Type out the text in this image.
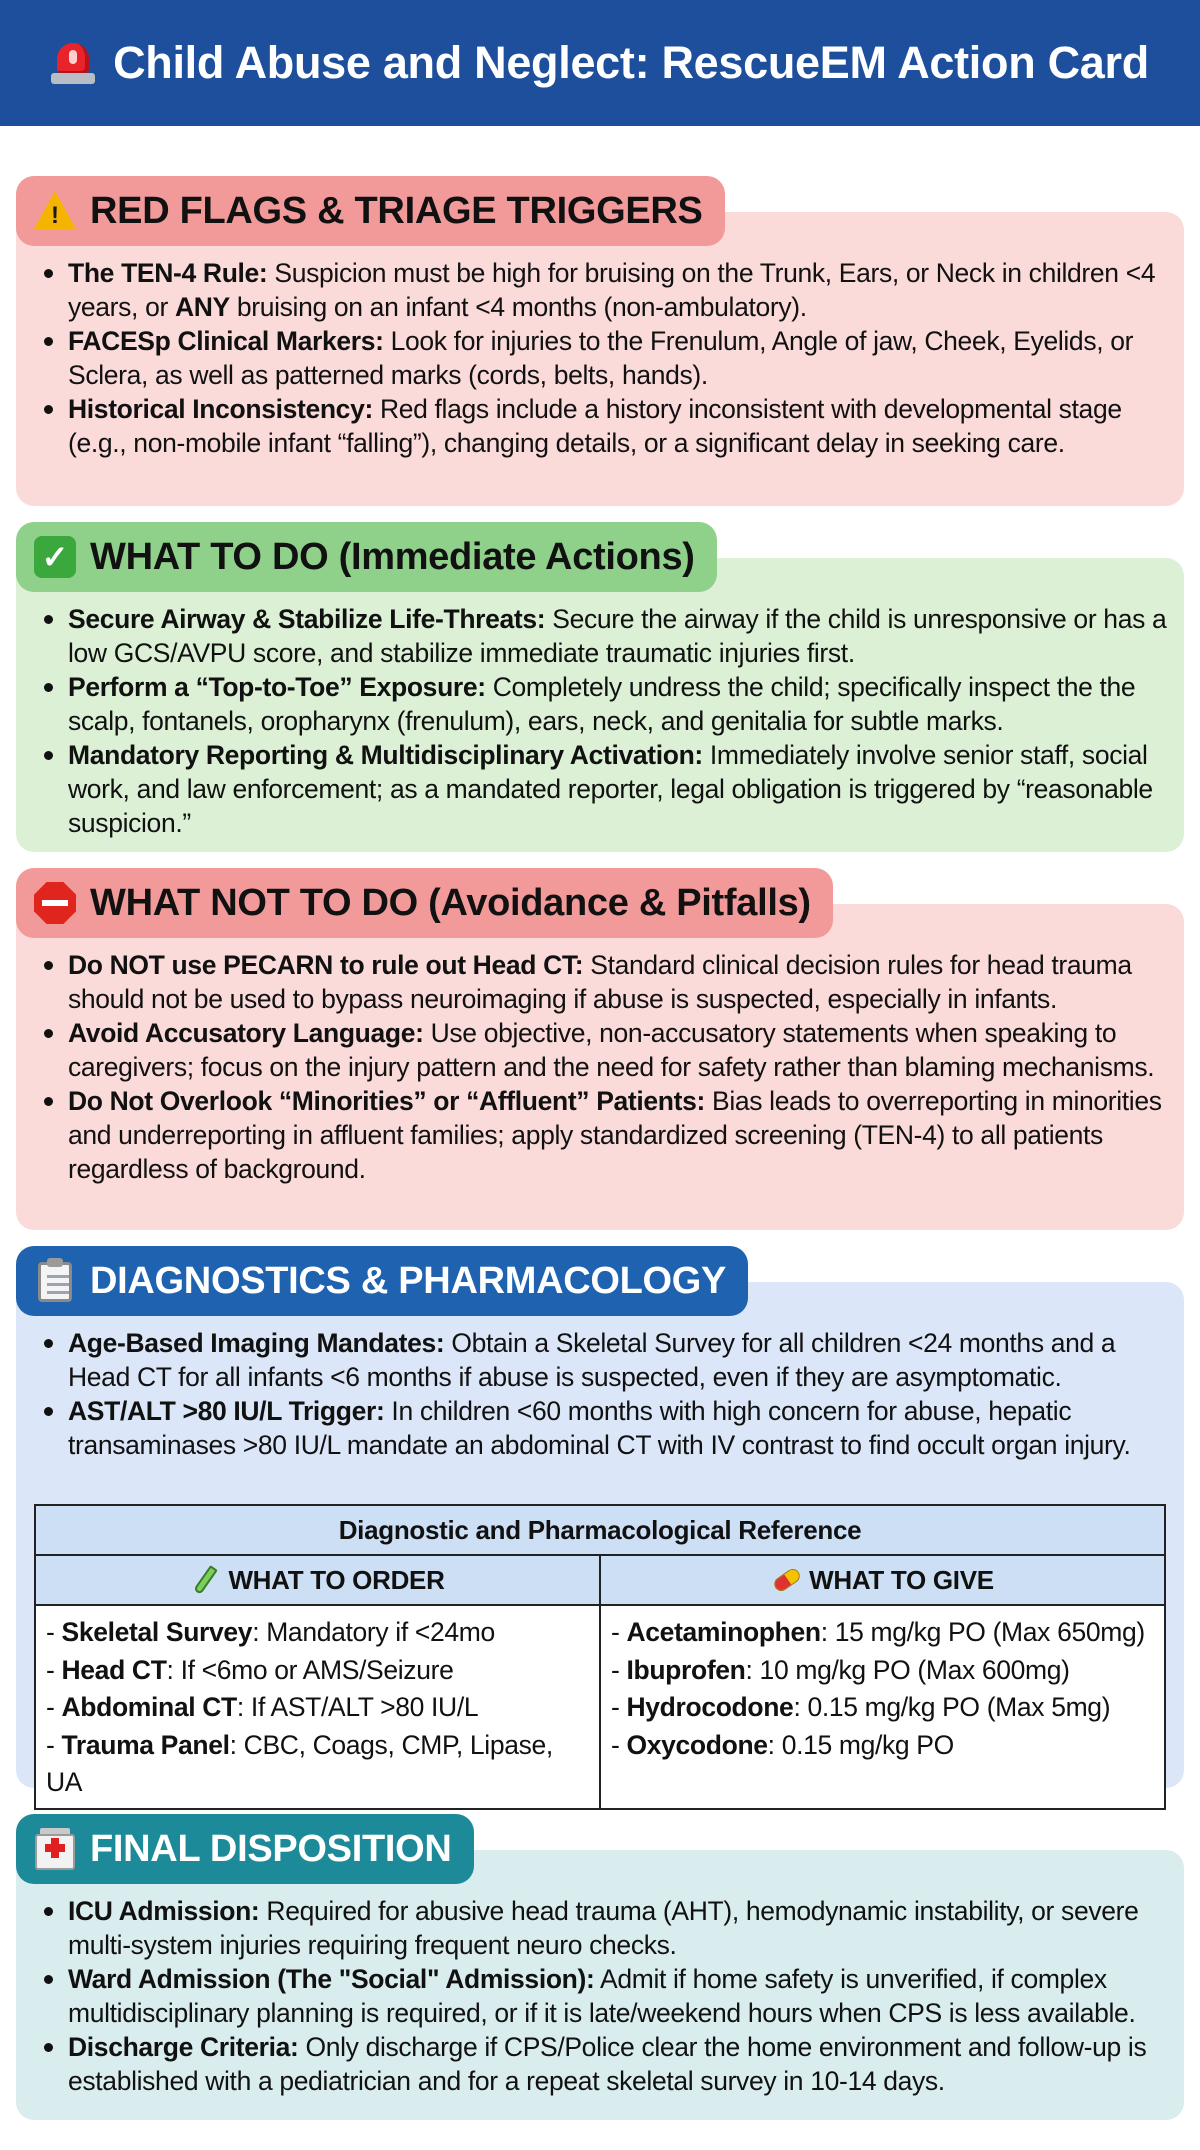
Child Abuse and Neglect: RescueEM Action Card
! RED FLAGS & TRIAGE TRIGGERS
The TEN-4 Rule: Suspicion must be high for bruising on the Trunk, Ears, or Neck in children <4 years, or ANY bruising on an infant <4 months (non-ambulatory).
FACESp Clinical Markers: Look for injuries to the Frenulum, Angle of jaw, Cheek, Eyelids, or Sclera, as well as patterned marks (cords, belts, hands).
Historical Inconsistency: Red flags include a history inconsistent with developmental stage (e.g., non-mobile infant “falling”), changing details, or a significant delay in seeking care.
✓ WHAT TO DO (Immediate Actions)
Secure Airway & Stabilize Life-Threats: Secure the airway if the child is unresponsive or has a low GCS/AVPU score, and stabilize immediate traumatic injuries first.
Perform a “Top-to-Toe” Exposure: Completely undress the child; specifically inspect the the scalp, fontanels, oropharynx (frenulum), ears, neck, and genitalia for subtle marks.
Mandatory Reporting & Multidisciplinary Activation: Immediately involve senior staff, social work, and law enforcement; as a mandated reporter, legal obligation is triggered by “reasonable suspicion.”
WHAT NOT TO DO (Avoidance & Pitfalls)
Do NOT use PECARN to rule out Head CT: Standard clinical decision rules for head trauma should not be used to bypass neuroimaging if abuse is suspected, especially in infants.
Avoid Accusatory Language: Use objective, non-accusatory statements when speaking to caregivers; focus on the injury pattern and the need for safety rather than blaming mechanisms.
Do Not Overlook “Minorities” or “Affluent” Patients: Bias leads to overreporting in minorities and underreporting in affluent families; apply standardized screening (TEN-4) to all patients regardless of background.
DIAGNOSTICS & PHARMACOLOGY
Age-Based Imaging Mandates: Obtain a Skeletal Survey for all children <24 months and a Head CT for all infants <6 months if abuse is suspected, even if they are asymptomatic.
AST/ALT >80 IU/L Trigger: In children <60 months with high concern for abuse, hepatic transaminases >80 IU/L mandate an abdominal CT with IV contrast to find occult organ injury.
Diagnostic and Pharmacological Reference
WHAT TO ORDER	WHAT TO GIVE
- Skeletal Survey: Mandatory if <24mo
- Head CT: If <6mo or AMS/Seizure
- Abdominal CT: If AST/ALT >80 IU/L
- Trauma Panel: CBC, Coags, CMP, Lipase, UA
- Acetaminophen: 15 mg/kg PO (Max 650mg)
- Ibuprofen: 10 mg/kg PO (Max 600mg)
- Hydrocodone: 0.15 mg/kg PO (Max 5mg)
- Oxycodone: 0.15 mg/kg PO
FINAL DISPOSITION
ICU Admission: Required for abusive head trauma (AHT), hemodynamic instability, or severe multi-system injuries requiring frequent neuro checks.
Ward Admission (The "Social" Admission): Admit if home safety is unverified, if complex multidisciplinary planning is required, or if it is late/weekend hours when CPS is less available.
Discharge Criteria: Only discharge if CPS/Police clear the home environment and follow-up is established with a pediatrician and for a repeat skeletal survey in 10-14 days.
